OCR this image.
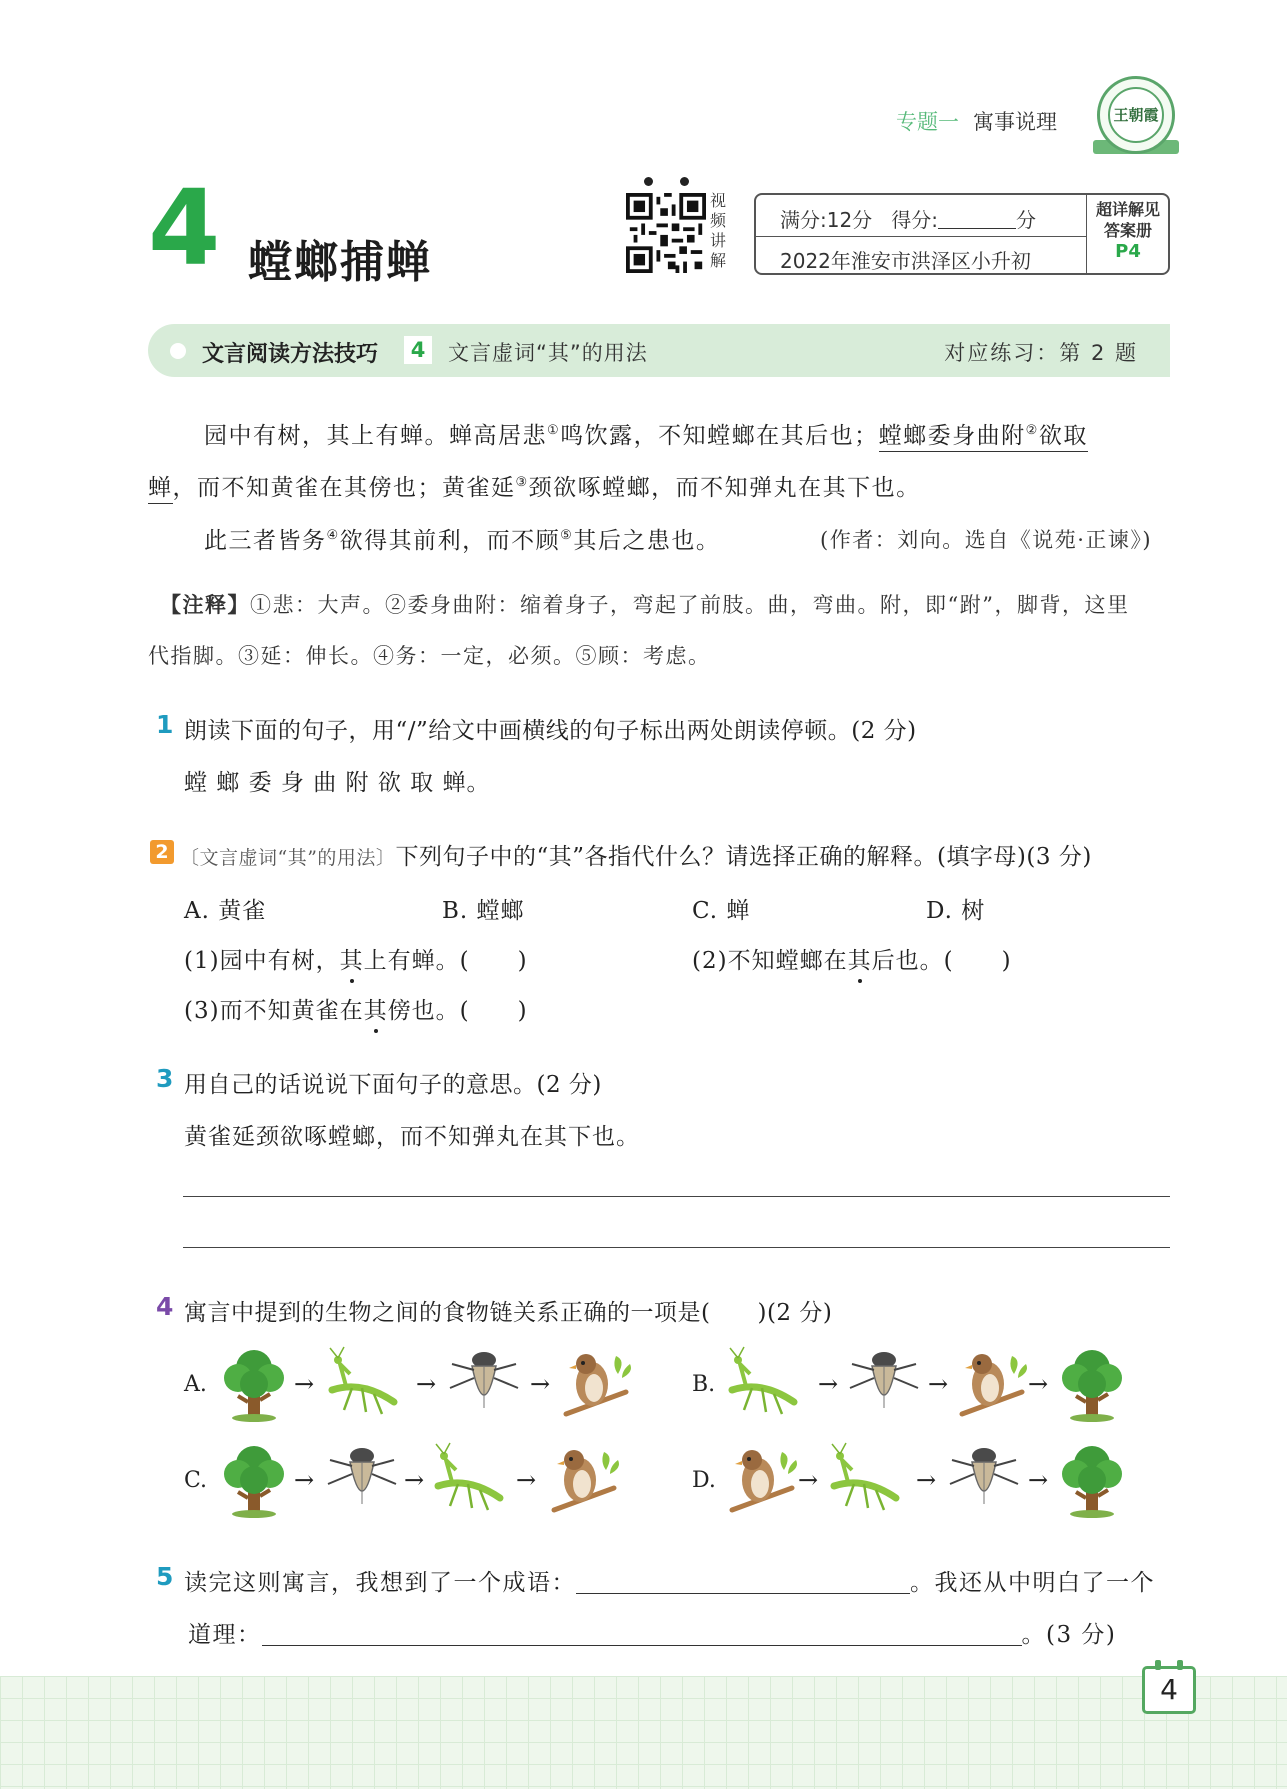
专题一 寓事说理	王朝霞
4 螳螂捕蝉
视
频
讲
解
满分:12分 得分:	分
2022年淮安市洪泽区小升初
超详解见
答案册
P4
文言阅读方法技巧	4	文言虚词“其”的用法	对应练习：第 2 题
园中有树，其上有蝉。蝉高居悲①鸣饮露，不知螳螂在其后也；螳螂委身曲附②欲取
蝉，而不知黄雀在其傍也；黄雀延③颈欲啄螳螂，而不知弹丸在其下也。
此三者皆务④欲得其前利，而不顾⑤其后之患也。	(作者：刘向。选自《说苑·正谏》)
【注释】①悲：大声。②委身曲附：缩着身子，弯起了前肢。曲，弯曲。附，即“跗”，脚背，这里
代指脚。③延：伸长。④务：一定，必须。⑤顾：考虑。
1 朗读下面的句子，用“/”给文中画横线的句子标出两处朗读停顿。(2 分)
螳 螂 委 身 曲 附 欲 取 蝉。
2 〔文言虚词“其”的用法〕下列句子中的“其”各指代什么？请选择正确的解释。(填字母)(3 分)
A. 黄雀	B. 螳螂	C. 蝉	D. 树
(1)园中有树，其上有蝉。(　　)	(2)不知螳螂在其后也。(　　)
(3)而不知黄雀在其傍也。(　　)
3 用自己的话说说下面句子的意思。(2 分)
黄雀延颈欲啄螳螂，而不知弹丸在其下也。
4 寓言中提到的生物之间的食物链关系正确的一项是(　　)(2 分)
A.	→	→	→	B.	→	→	→
C.	→	→	→	D.	→	→	→
5 读完这则寓言，我想到了一个成语：	。我还从中明白了一个
道理：	。(3 分)
4
